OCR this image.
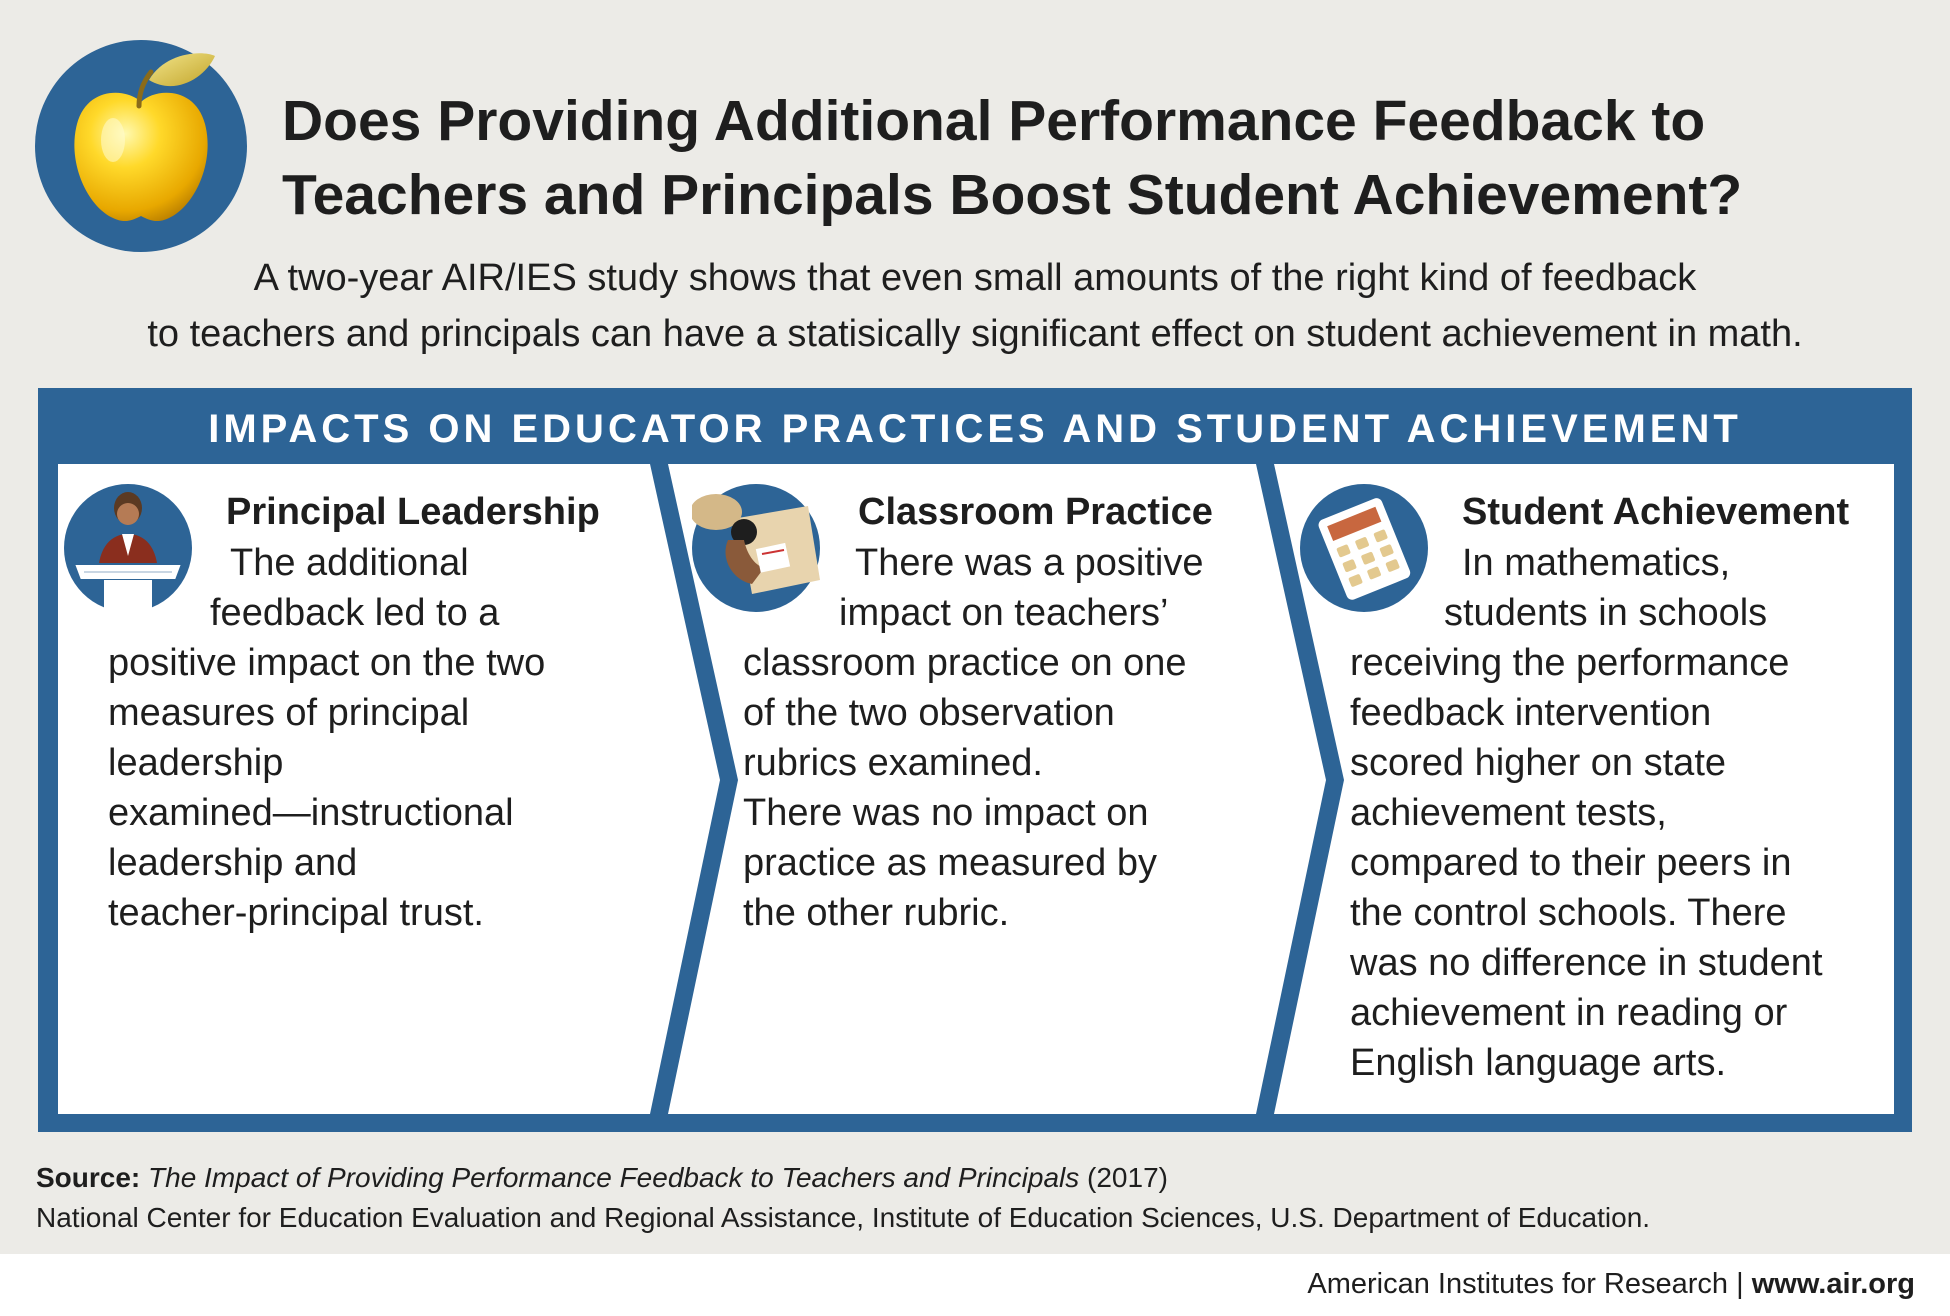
Does Providing Additional Performance Feedback to
Teachers and Principals Boost Student Achievement?

A two-year AIR/IES study shows that even small amounts of the right kind of feedback
to teachers and principals can have a statisically significant effect on student achievement in math.

IMPACTS ON EDUCATOR PRACTICES AND STUDENT ACHIEVEMENT
Principal Leadership

The additional
feedback led to a
positive impact on the two
measures of principal
leadership
examined—instructional
leadership and
teacher-principal trust.

Classroom Practice

There was a positive
impact on teachers’
classroom practice on one
of the two observation
rubrics examined.
There was no impact on
practice as measured by
the other rubric.

Student Achievement

In mathematics,
students in schools
receiving the performance
feedback intervention
scored higher on state
achievement tests,
compared to their peers in
the control schools. There
was no difference in student
achievement in reading or
English language arts.

Source: The Impact of Providing Performance Feedback to Teachers and Principals (2017)
National Center for Education Evaluation and Regional Assistance, Institute of Education Sciences, U.S. Department of Education.

American Institutes for Research | www.air.org
